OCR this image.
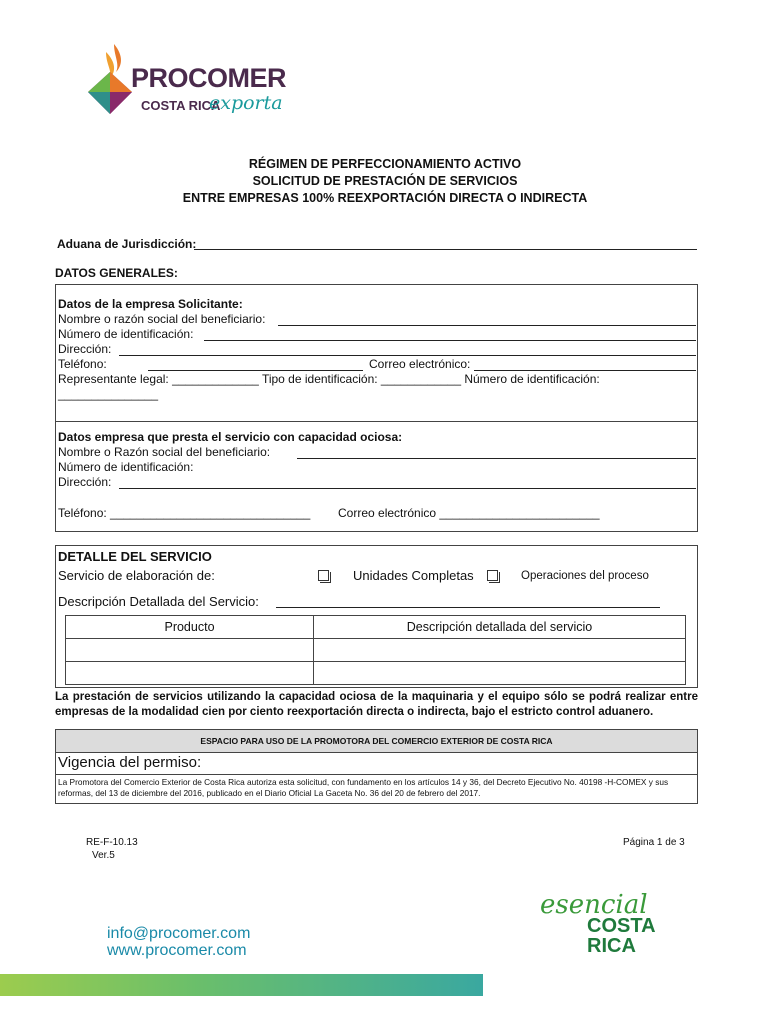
PROCOMER
COSTA RICA
exporta
RÉGIMEN DE PERFECCIONAMIENTO ACTIVO
SOLICITUD DE PRESTACIÓN DE SERVICIOS
ENTRE EMPRESAS 100% REEXPORTACIÓN DIRECTA O INDIRECTA
Aduana de Jurisdicción:
DATOS GENERALES:
Datos de la empresa Solicitante:
Nombre o razón social del beneficiario:
Número de identificación:
Dirección:
Teléfono:	Correo electrónico:
Representante legal: _____________ Tipo de identificación: ____________ Número de identificación:
_______________
Datos empresa que presta el servicio con capacidad ociosa:
Nombre o Razón social del beneficiario:
Número de identificación:
Dirección:
Teléfono: ______________________________ Correo electrónico ________________________
DETALLE DEL SERVICIO
Servicio de elaboración de:	Unidades Completas	Operaciones del proceso
Descripción Detallada del Servicio:
Producto	Descripción detallada del servicio

La prestación de servicios utilizando la capacidad ociosa de la maquinaria y el equipo sólo se podrá realizar entre empresas de la modalidad cien por ciento reexportación directa o indirecta, bajo el estricto control aduanero.
ESPACIO PARA USO DE LA PROMOTORA DEL COMERCIO EXTERIOR DE COSTA RICA
Vigencia del permiso:
La Promotora del Comercio Exterior de Costa Rica autoriza esta solicitud, con fundamento en los artículos 14 y 36, del Decreto Ejecutivo No. 40198 -H-COMEX y sus reformas, del 13 de diciembre del 2016, publicado en el Diario Oficial La Gaceta No. 36 del 20 de febrero del 2017.
RE-F-10.13
Ver.5
Página 1 de 3
info@procomer.com
www.procomer.com
esencial
COSTA
RICA
